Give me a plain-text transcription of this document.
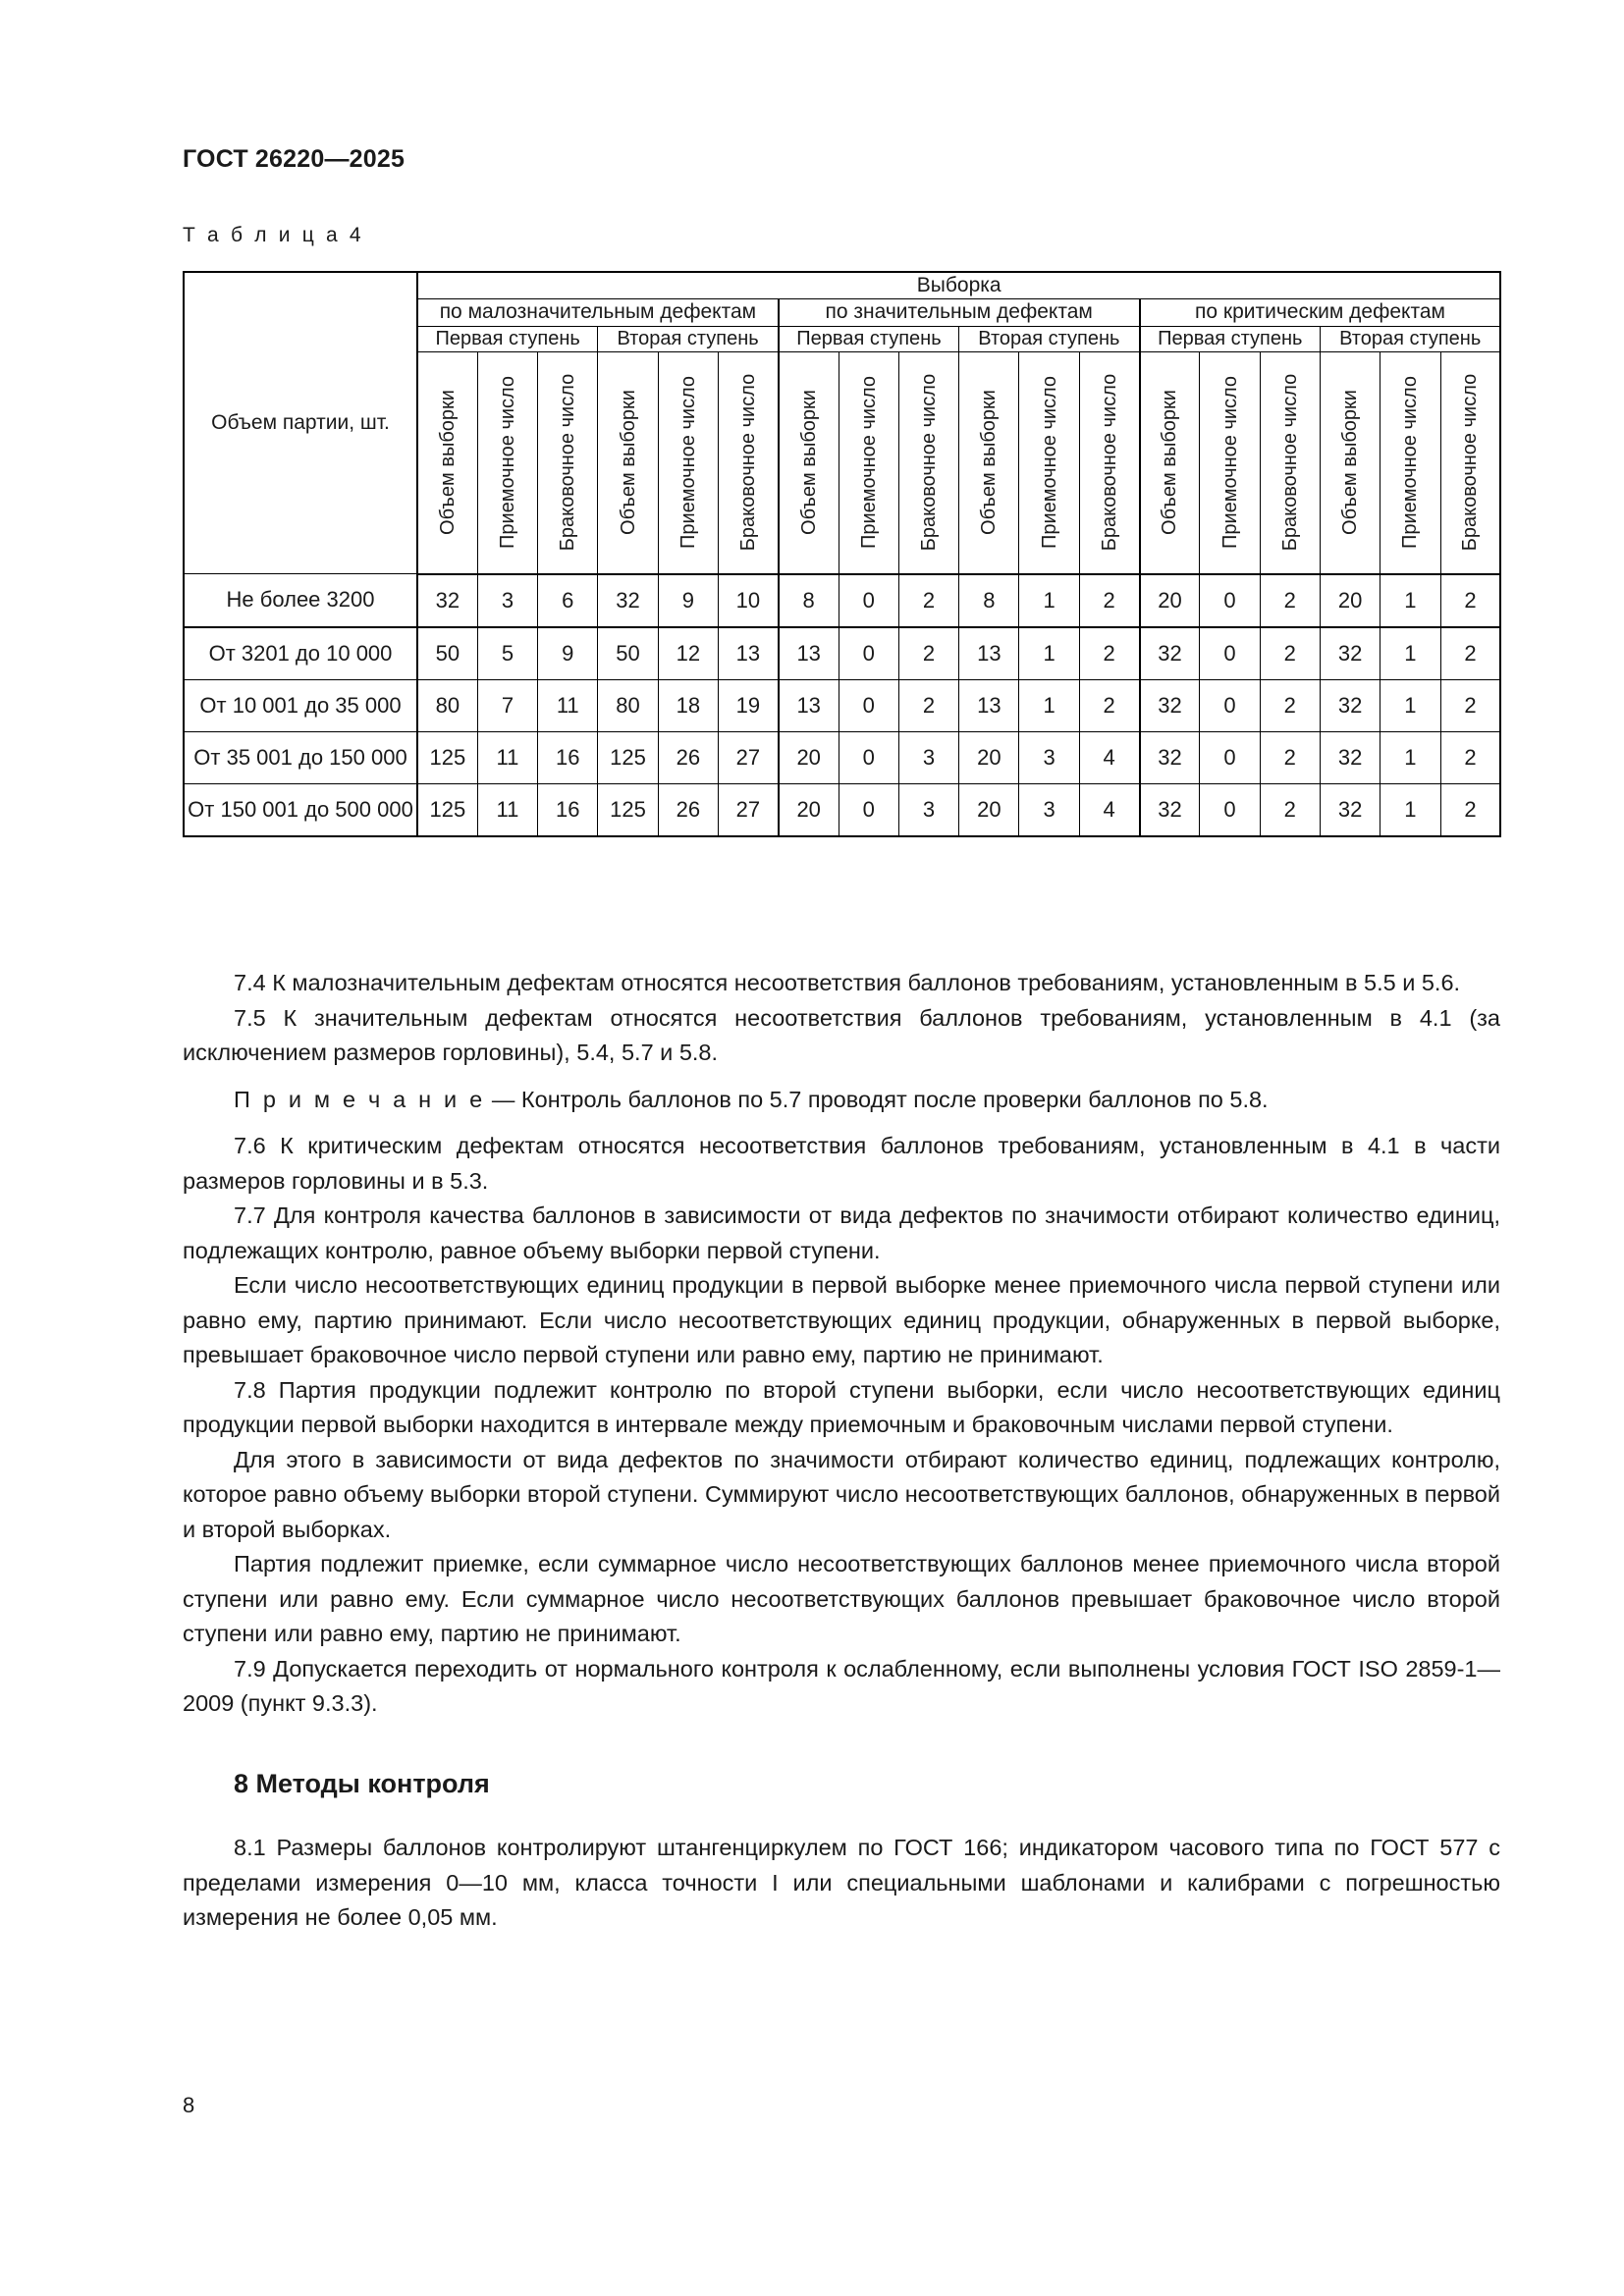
ГОСТ 26220—2025
Т а б л и ц а 4
Объем партии, шт.	Выборка																	
	по малозначительным дефектам						по значительным дефектам						по критическим дефектам					
	Первая ступень			Вторая ступень			Первая ступень			Вторая ступень			Первая ступень			Вторая ступень		

	Объем выборки	Приемочное число	Браковочное число	Объем выборки	Приемочное число	Браковочное число	Объем выборки	Приемочное число	Браковочное число	Объем выборки	Приемочное число	Браковочное число	Объем выборки	Приемочное число	Браковочное число	Объем выборки	Приемочное число	Браковочное число

Не более 3200	32	3	6	32	9	10	8	0	2	8	1	2	20	0	2	20	1	2
От 3201 до 10 000	50	5	9	50	12	13	13	0	2	13	1	2	32	0	2	32	1	2
От 10 001 до 35 000	80	7	11	80	18	19	13	0	2	13	1	2	32	0	2	32	1	2
От 35 001 до 150 000	125	11	16	125	26	27	20	0	3	20	3	4	32	0	2	32	1	2
От 150 001 до 500 000	125	11	16	125	26	27	20	0	3	20	3	4	32	0	2	32	1	2

7.4 К малозначительным дефектам относятся несоответствия баллонов требованиям, установленным в 5.5 и 5.6.

7.5 К значительным дефектам относятся несоответствия баллонов требованиям, установленным в 4.1 (за исключением размеров горловины), 5.4, 5.7 и 5.8.

П р и м е ч а н и е — Контроль баллонов по 5.7 проводят после проверки баллонов по 5.8.

7.6 К критическим дефектам относятся несоответствия баллонов требованиям, установленным в 4.1 в части размеров горловины и в 5.3.

7.7 Для контроля качества баллонов в зависимости от вида дефектов по значимости отбирают количество единиц, подлежащих контролю, равное объему выборки первой ступени.

Если число несоответствующих единиц продукции в первой выборке менее приемочного числа первой ступени или равно ему, партию принимают. Если число несоответствующих единиц продукции, обнаруженных в первой выборке, превышает браковочное число первой ступени или равно ему, партию не принимают.

7.8 Партия продукции подлежит контролю по второй ступени выборки, если число несоответствующих единиц продукции первой выборки находится в интервале между приемочным и браковочным числами первой ступени.

Для этого в зависимости от вида дефектов по значимости отбирают количество единиц, подлежащих контролю, которое равно объему выборки второй ступени. Суммируют число несоответствующих баллонов, обнаруженных в первой и второй выборках.

Партия подлежит приемке, если суммарное число несоответствующих баллонов менее приемочного числа второй ступени или равно ему. Если суммарное число несоответствующих баллонов превышает браковочное число второй ступени или равно ему, партию не принимают.

7.9 Допускается переходить от нормального контроля к ослабленному, если выполнены условия ГОСТ ISO 2859-1—2009 (пункт 9.3.3).

8 Методы контроля

8.1 Размеры баллонов контролируют штангенциркулем по ГОСТ 166; индикатором часового типа по ГОСТ 577 с пределами измерения 0—10 мм, класса точности I или специальными шаблонами и калибрами с погрешностью измерения не более 0,05 мм.

8
